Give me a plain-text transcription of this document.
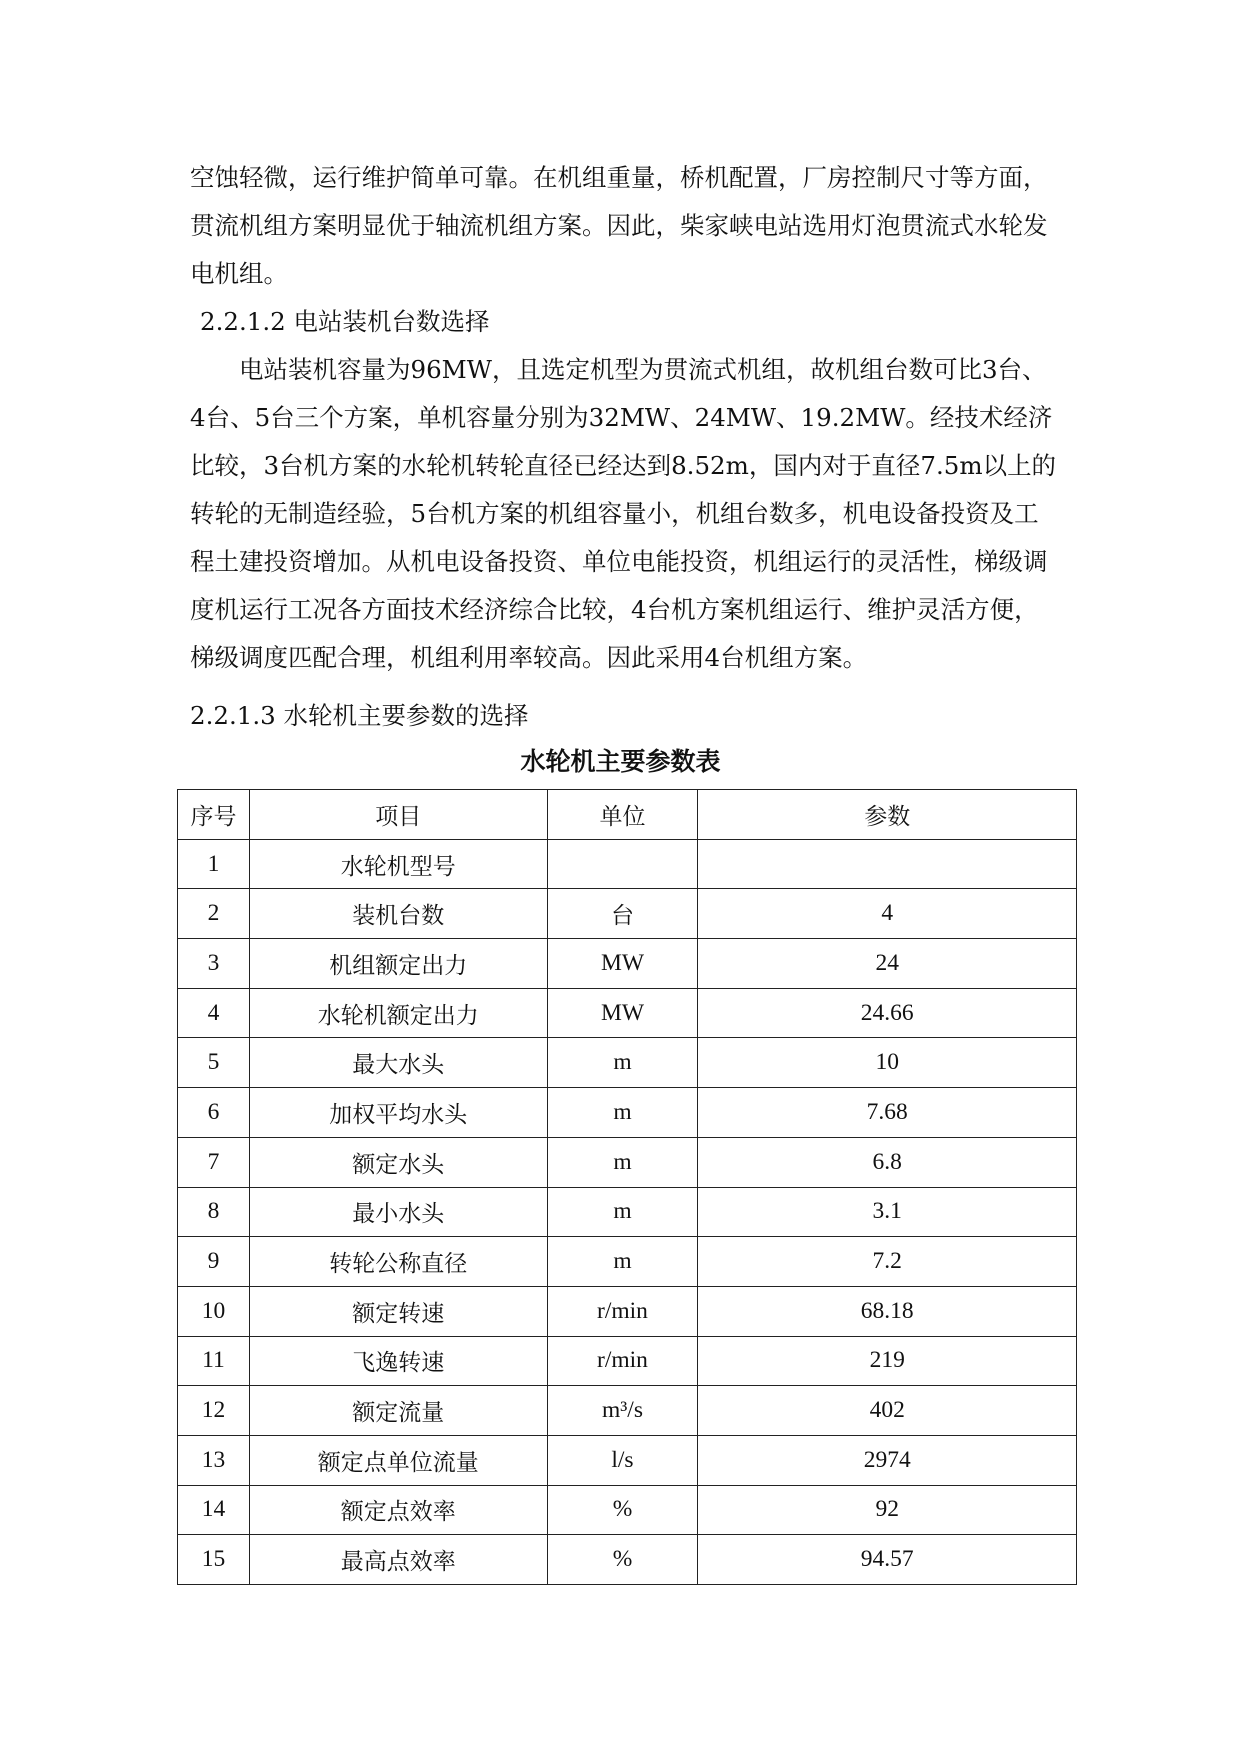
空蚀轻微，运行维护简单可靠。在机组重量，桥机配置，厂房控制尺寸等方面，贯流机组方案明显优于轴流机组方案。因此，柴家峡电站选用灯泡贯流式水轮发电机组。

2.2.1.2 电站装机台数选择

电站装机容量为96MW，且选定机型为贯流式机组，故机组台数可比3台、4台、5台三个方案，单机容量分别为32MW、24MW、19.2MW。经技术经济比较，3台机方案的水轮机转轮直径已经达到8.52m，国内对于直径7.5m以上的转轮的无制造经验，5台机方案的机组容量小，机组台数多，机电设备投资及工程土建投资增加。从机电设备投资、单位电能投资，机组运行的灵活性，梯级调度机运行工况各方面技术经济综合比较，4台机方案机组运行、维护灵活方便，梯级调度匹配合理，机组利用率较高。因此采用4台机组方案。

2.2.1.3 水轮机主要参数的选择

水轮机主要参数表

序号	项目	单位	参数
1	水轮机型号		
2	装机台数	台	4
3	机组额定出力	MW	24
4	水轮机额定出力	MW	24.66
5	最大水头	m	10
6	加权平均水头	m	7.68
7	额定水头	m	6.8
8	最小水头	m	3.1
9	转轮公称直径	m	7.2
10	额定转速	r/min	68.18
11	飞逸转速	r/min	219
12	额定流量	m³/s	402
13	额定点单位流量	l/s	2974
14	额定点效率	%	92
15	最高点效率	%	94.57
